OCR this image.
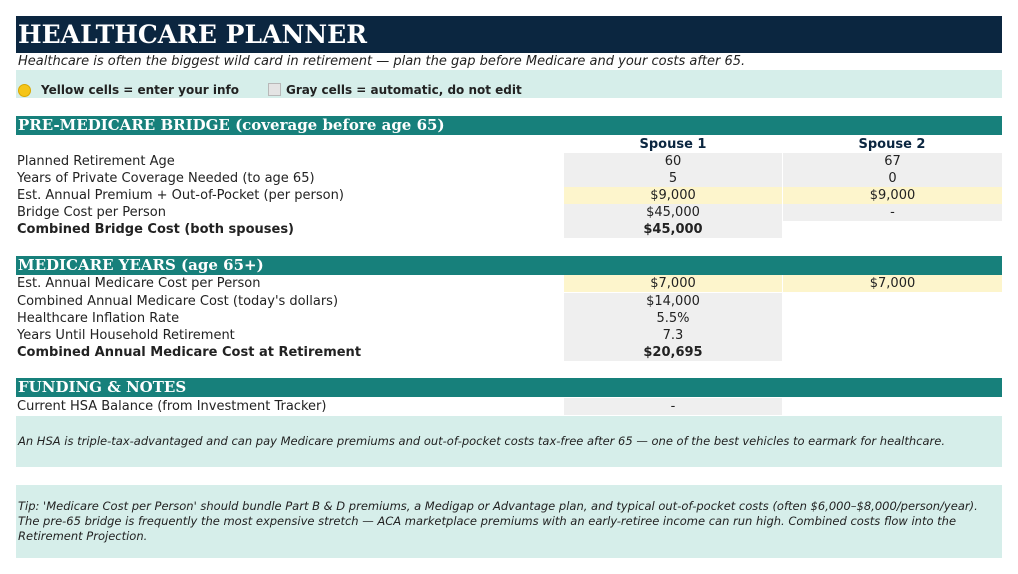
HEALTHCARE PLANNER
Healthcare is often the biggest wild card in retirement — plan the gap before Medicare and your costs after 65.
Yellow cells = enter your info	Gray cells = automatic, do not edit
PRE-MEDICARE BRIDGE (coverage before age 65)
Spouse 1	Spouse 2
Planned Retirement Age	60	67
Years of Private Coverage Needed (to age 65)	5	0
Est. Annual Premium + Out-of-Pocket (per person)	$9,000	$9,000
Bridge Cost per Person	$45,000	-
Combined Bridge Cost (both spouses)	$45,000
MEDICARE YEARS (age 65+)
Est. Annual Medicare Cost per Person	$7,000	$7,000
Combined Annual Medicare Cost (today's dollars)	$14,000
Healthcare Inflation Rate	5.5%
Years Until Household Retirement	7.3
Combined Annual Medicare Cost at Retirement	$20,695
FUNDING & NOTES
Current HSA Balance (from Investment Tracker)	-
An HSA is triple-tax-advantaged and can pay Medicare premiums and out-of-pocket costs tax-free after 65 — one of the best vehicles to earmark for healthcare.
Tip: 'Medicare Cost per Person' should bundle Part B & D premiums, a Medigap or Advantage plan, and typical out-of-pocket costs (often $6,000–$8,000/person/year). The pre-65 bridge is frequently the most expensive stretch — ACA marketplace premiums with an early-retiree income can run high. Combined costs flow into the Retirement Projection.
